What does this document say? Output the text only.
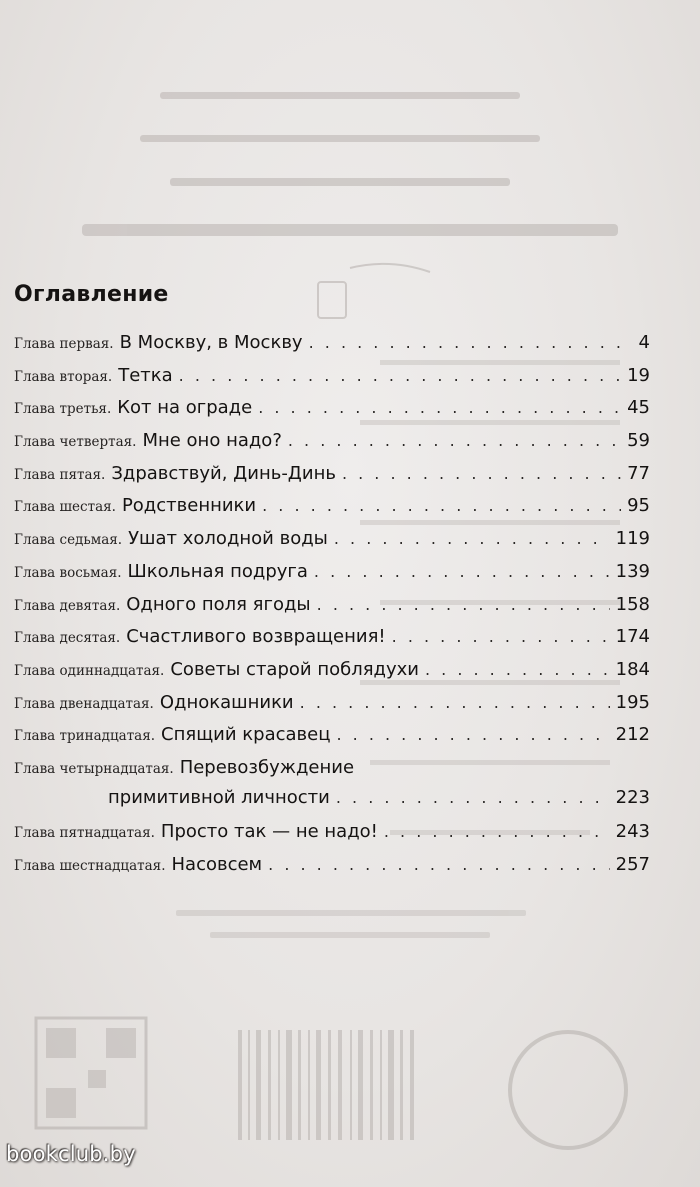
Оглавление
Глава первая. В Москву, в Москву . . .	4
Глава вторая. Тетка . . .	19
Глава третья. Кот на ограде . . .	45
Глава четвертая. Мне оно надо? . . .	59
Глава пятая. Здравствуй, Динь-Динь . . .	77
Глава шестая. Родственники . . .	95
Глава седьмая. Ушат холодной воды . . .	119
Глава восьмая. Школьная подруга . . .	139
Глава девятая. Одного поля ягоды . . .	158
Глава десятая. Счастливого возвращения! . . .	174
Глава одиннадцатая. Советы старой поблядухи . . .	184
Глава двенадцатая. Однокашники . . .	195
Глава тринадцатая. Спящий красавец . . .	212
Глава четырнадцатая. Перевозбуждение
примитивной личности . . .	223
Глава пятнадцатая. Просто так — не надо! . . .	243
Глава шестнадцатая. Насовсем . . .	257
bookclub.by
